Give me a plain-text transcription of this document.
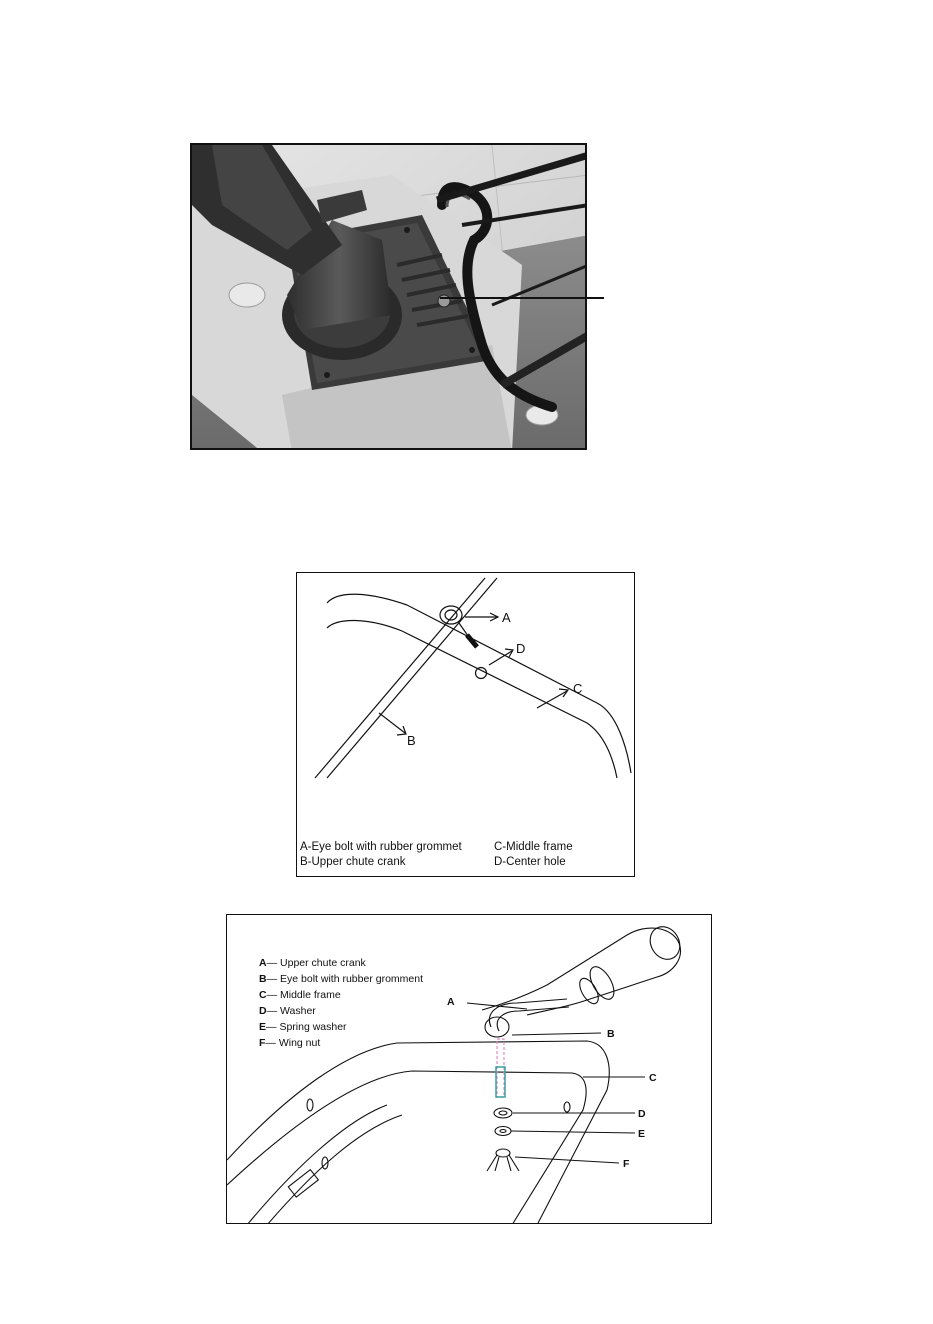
A
D
C
B
A-Eye bolt with rubber grommet
B-Upper chute crank
C-Middle frame
D-Center hole
A
B
C
D
E
F
A— Upper chute crank
B— Eye bolt with rubber gromment
C— Middle frame
D— Washer
E— Spring washer
F— Wing nut
